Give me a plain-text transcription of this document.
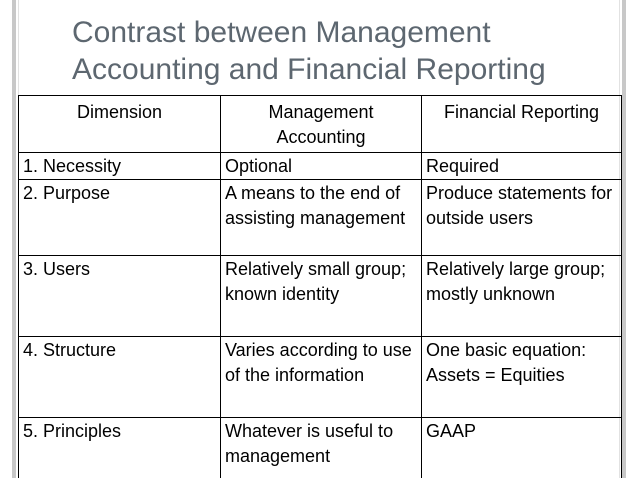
Contrast between Management
Accounting and Financial Reporting
Dimension	Management Accounting	Financial Reporting
1. Necessity	Optional	Required
2. Purpose	A means to the end of assisting management	Produce statements for outside users
3. Users	Relatively small group; known identity	Relatively large group; mostly unknown
4. Structure	Varies according to use of the information	One basic equation: Assets = Equities
5. Principles	Whatever is useful to management	GAAP
